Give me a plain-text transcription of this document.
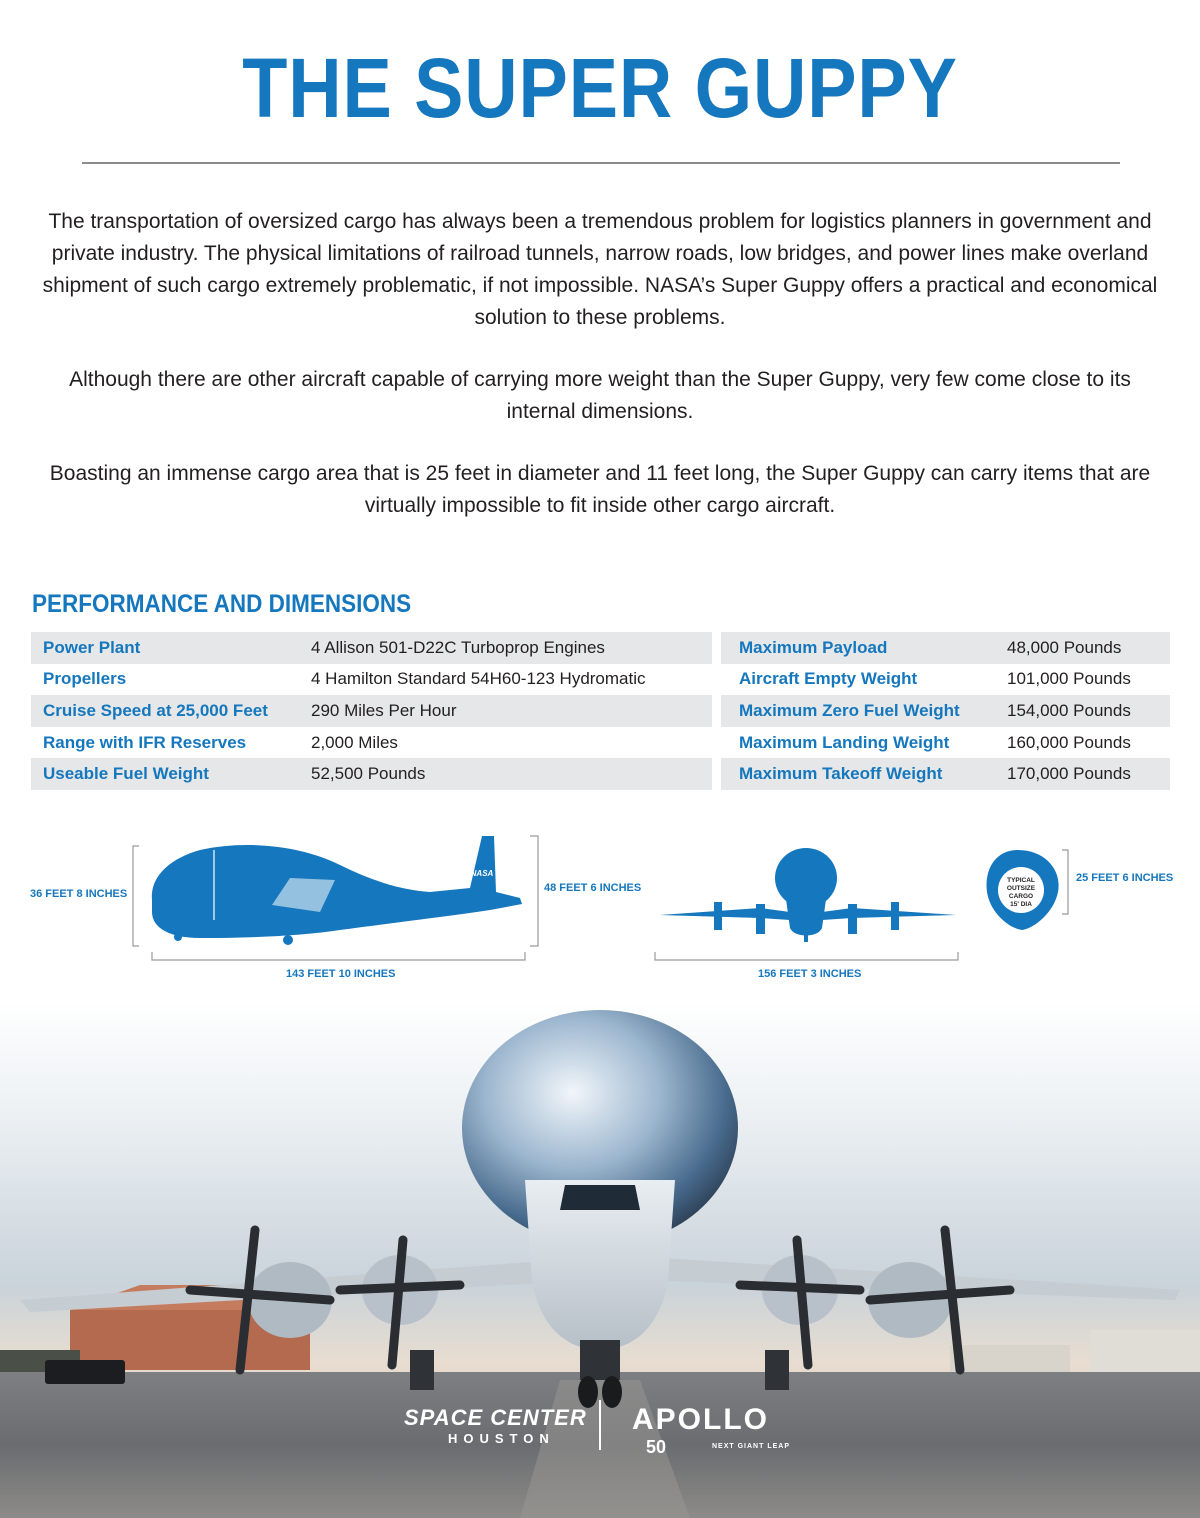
THE SUPER GUPPY

The transportation of oversized cargo has always been a tremendous problem for logistics planners in government and private industry. The physical limitations of railroad tunnels, narrow roads, low bridges, and power lines make overland shipment of such cargo extremely problematic, if not impossible. NASA’s Super Guppy offers a practical and economical solution to these problems.

Although there are other aircraft capable of carrying more weight than the Super Guppy, very few come close to its internal dimensions.

Boasting an immense cargo area that is 25 feet in diameter and 11 feet long, the Super Guppy can carry items that are virtually impossible to fit inside other cargo aircraft.

PERFORMANCE AND DIMENSIONS
Power Plant	4 Allison 501-D22C Turboprop Engines
Propellers	4 Hamilton Standard 54H60-123 Hydromatic
Cruise Speed at 25,000 Feet	290 Miles Per Hour
Range with IFR Reserves	2,000 Miles
Useable Fuel Weight	52,500 Pounds
Maximum Payload	48,000 Pounds
Aircraft Empty Weight	101,000 Pounds
Maximum Zero Fuel Weight	154,000 Pounds
Maximum Landing Weight	160,000 Pounds
Maximum Takeoff Weight	170,000 Pounds
TYPICAL
OUTSIZE
CARGO
15' DIA
NASA
36 FEET 8 INCHES	48 FEET 6 INCHES
143 FEET 10 INCHES	156 FEET 3 INCHES
25 FEET 6 INCHES
SPACE CENTER
HOUSTON
APOLLO
50	NEXT GIANT LEAP
